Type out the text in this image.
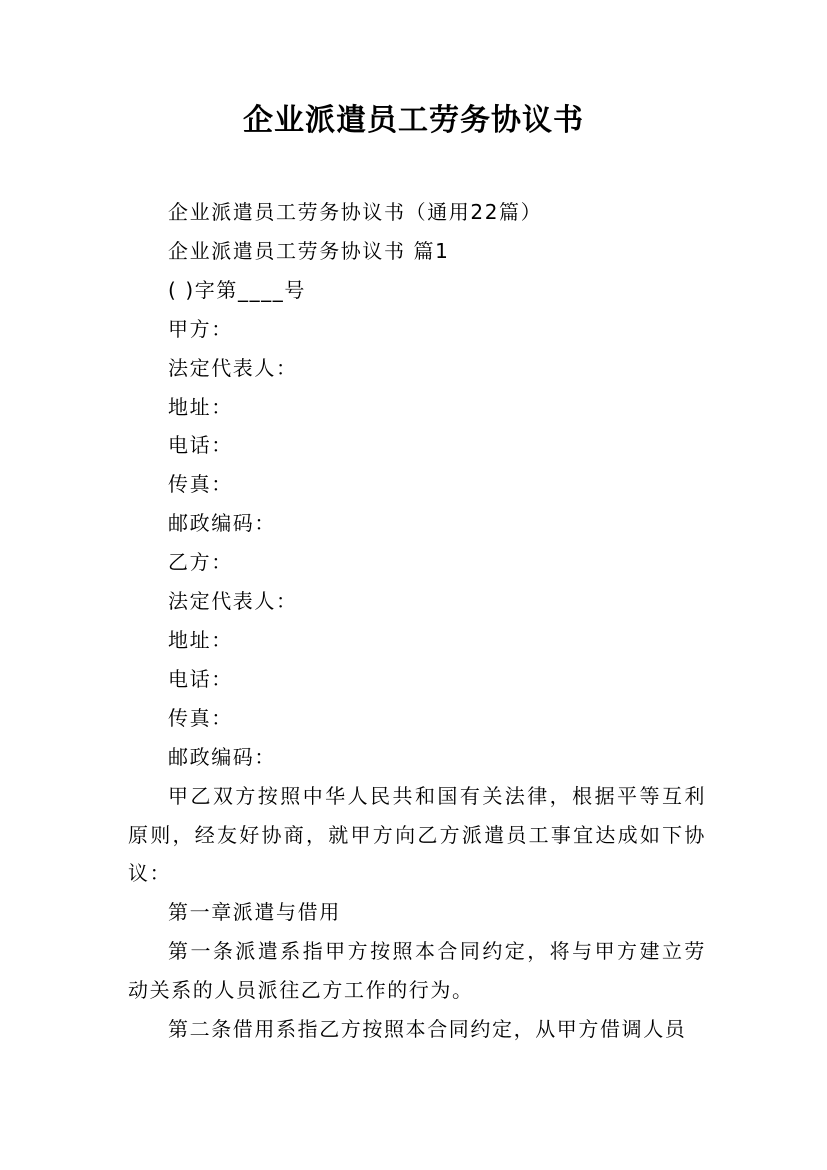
企业派遣员工劳务协议书

企业派遣员工劳务协议书（通用22篇）

企业派遣员工劳务协议书 篇1

( )字第____号

甲方：

法定代表人：

地址：

电话：

传真：

邮政编码：

乙方：

法定代表人：

地址：

电话：

传真：

邮政编码：

甲乙双方按照中华人民共和国有关法律，根据平等互利原则，经友好协商，就甲方向乙方派遣员工事宜达成如下协议：

第一章派遣与借用

第一条派遣系指甲方按照本合同约定，将与甲方建立劳动关系的人员派往乙方工作的行为。

第二条借用系指乙方按照本合同约定，从甲方借调人员
